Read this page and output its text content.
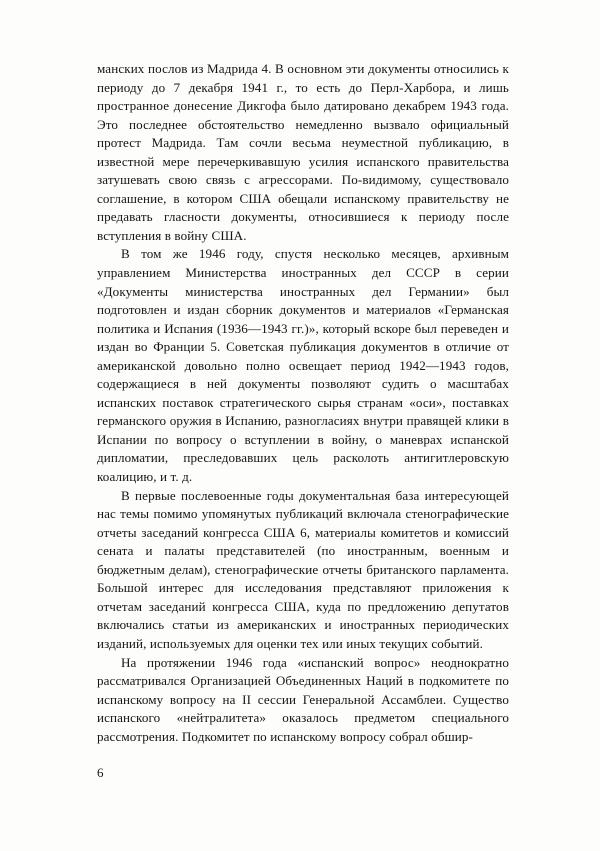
манских послов из Мадрида 4. В основном эти документы относились к периоду до 7 декабря 1941 г., то есть до Перл-Харбора, и лишь пространное донесение Дикгофа было датировано декабрем 1943 года. Это последнее обстоятельство немедленно вызвало официальный протест Мадрида. Там сочли весьма неуместной публикацию, в известной мере перечеркивавшую усилия испанского правительства затушевать свою связь с агрессорами. По-видимому, существовало соглашение, в котором США обещали испанскому правительству не предавать гласности документы, относившиеся к периоду после вступления в войну США.

В том же 1946 году, спустя несколько месяцев, архивным управлением Министерства иностранных дел СССР в серии «Документы министерства иностранных дел Германии» был подготовлен и издан сборник документов и материалов «Германская политика и Испания (1936—1943 гг.)», который вскоре был переведен и издан во Франции 5. Советская публикация документов в отличие от американской довольно полно освещает период 1942—1943 годов, содержащиеся в ней документы позволяют судить о масштабах испанских поставок стратегического сырья странам «оси», поставках германского оружия в Испанию, разногласиях внутри правящей клики в Испании по вопросу о вступлении в войну, о маневрах испанской дипломатии, преследовавших цель расколоть антигитлеровскую коалицию, и т. д.

В первые послевоенные годы документальная база интересующей нас темы помимо упомянутых публикаций включала стенографические отчеты заседаний конгресса США 6, материалы комитетов и комиссий сената и палаты представителей (по иностранным, военным и бюджетным делам), стенографические отчеты британского парламента. Большой интерес для исследования представляют приложения к отчетам заседаний конгресса США, куда по предложению депутатов включались статьи из американских и иностранных периодических изданий, используемых для оценки тех или иных текущих событий.

На протяжении 1946 года «испанский вопрос» неоднократно рассматривался Организацией Объединенных Наций в подкомитете по испанскому вопросу на II сессии Генеральной Ассамблеи. Существо испанского «нейтралитета» оказалось предметом специального рассмотрения. Подкомитет по испанскому вопросу собрал обшир-

6
